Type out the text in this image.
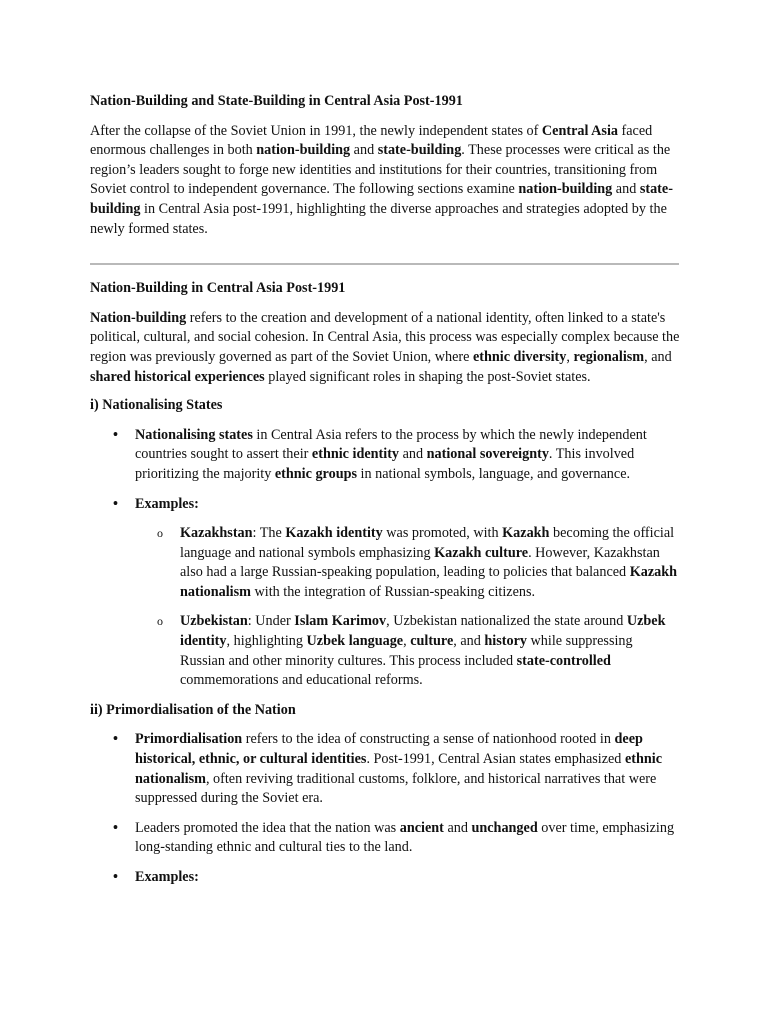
Nation-Building and State-Building in Central Asia Post-1991

After the collapse of the Soviet Union in 1991, the newly independent states of Central Asia faced enormous challenges in both nation-building and state-building. These processes were critical as the region’s leaders sought to forge new identities and institutions for their countries, transitioning from Soviet control to independent governance. The following sections examine nation-building and state-building in Central Asia post-1991, highlighting the diverse approaches and strategies adopted by the newly formed states.

Nation-Building in Central Asia Post-1991

Nation-building refers to the creation and development of a national identity, often linked to a state's political, cultural, and social cohesion. In Central Asia, this process was especially complex because the region was previously governed as part of the Soviet Union, where ethnic diversity, regionalism, and shared historical experiences played significant roles in shaping the post-Soviet states.

i) Nationalising States
• Nationalising states in Central Asia refers to the process by which the newly independent countries sought to assert their ethnic identity and national sovereignty. This involved prioritizing the majority ethnic groups in national symbols, language, and governance.
• Examples:
o Kazakhstan: The Kazakh identity was promoted, with Kazakh becoming the official language and national symbols emphasizing Kazakh culture. However, Kazakhstan also had a large Russian-speaking population, leading to policies that balanced Kazakh nationalism with the integration of Russian-speaking citizens.
o Uzbekistan: Under Islam Karimov, Uzbekistan nationalized the state around Uzbek identity, highlighting Uzbek language, culture, and history while suppressing Russian and other minority cultures. This process included state-controlled commemorations and educational reforms.
ii) Primordialisation of the Nation
• Primordialisation refers to the idea of constructing a sense of nationhood rooted in deep historical, ethnic, or cultural identities. Post-1991, Central Asian states emphasized ethnic nationalism, often reviving traditional customs, folklore, and historical narratives that were suppressed during the Soviet era.
• Leaders promoted the idea that the nation was ancient and unchanged over time, emphasizing long-standing ethnic and cultural ties to the land.
• Examples:
